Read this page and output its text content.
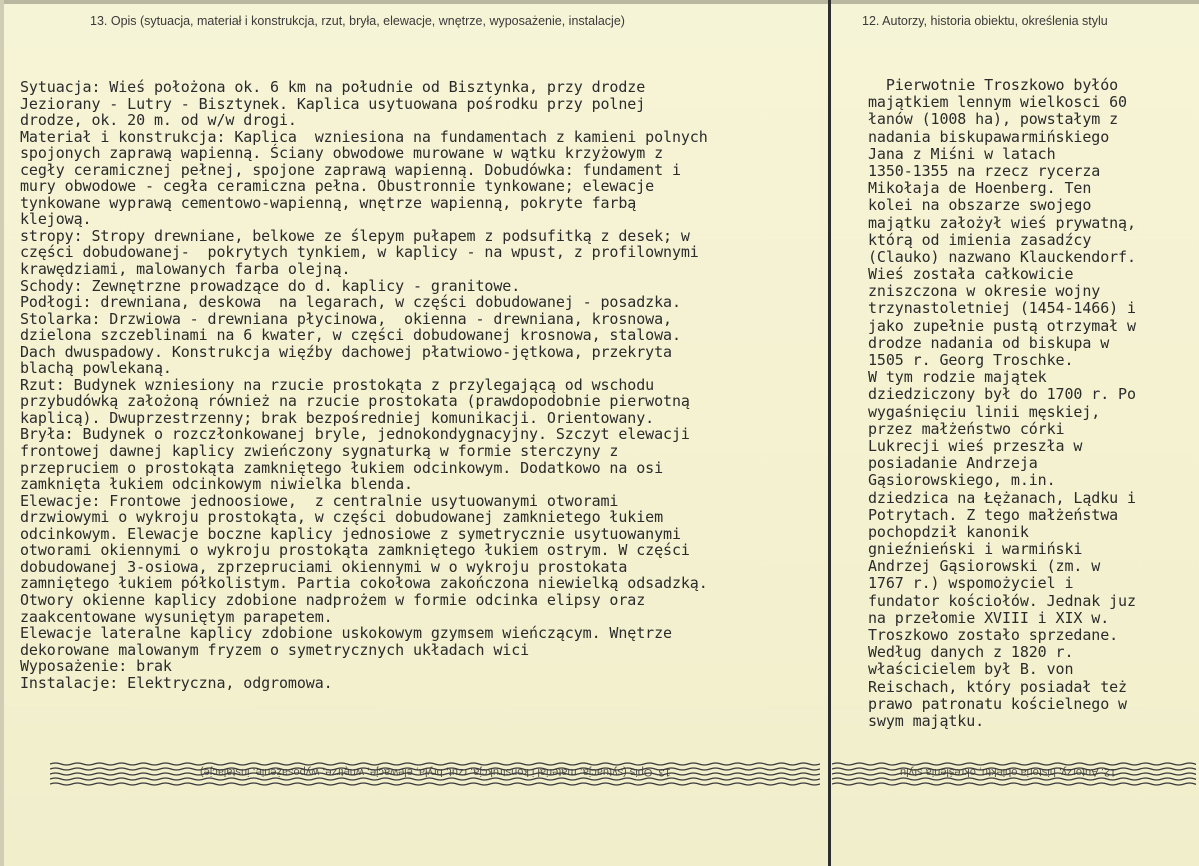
13. Opis (sytuacja, materiał i konstrukcja, rzut, bryła, elewacje, wnętrze, wyposażenie, instalacje)	12. Autorzy, historia obiektu, określenia stylu
Sytuacja: Wieś położona ok. 6 km na południe od Bisztynka, przy drodze
Jeziorany - Lutry - Bisztynek. Kaplica usytuowana pośrodku przy polnej
drodze, ok. 20 m. od w/w drogi.
Materiał i konstrukcja: Kaplica  wzniesiona na fundamentach z kamieni polnych
spojonych zaprawą wapienną. Ściany obwodowe murowane w wątku krzyżowym z
cegły ceramicznej pełnej, spojone zaprawą wapienną. Dobudówka: fundament i
mury obwodowe - cegła ceramiczna pełna. Obustronnie tynkowane; elewacje
tynkowane wyprawą cementowo-wapienną, wnętrze wapienną, pokryte farbą
klejową.
stropy: Stropy drewniane, belkowe ze ślepym pułapem z podsufitką z desek; w
części dobudowanej-  pokrytych tynkiem, w kaplicy - na wpust, z profilownymi
krawędziami, malowanych farba olejną.
Schody: Zewnętrzne prowadzące do d. kaplicy - granitowe.
Podłogi: drewniana, deskowa  na legarach, w części dobudowanej - posadzka.
Stolarka: Drzwiowa - drewniana płycinowa,  okienna - drewniana, krosnowa,
dzielona szczeblinami na 6 kwater, w części dobudowanej krosnowa, stalowa.
Dach dwuspadowy. Konstrukcja więźby dachowej płatwiowo-jętkowa, przekryta
blachą powlekaną.
Rzut: Budynek wzniesiony na rzucie prostokąta z przylegającą od wschodu
przybudówką założoną również na rzucie prostokata (prawdopodobnie pierwotną
kaplicą). Dwuprzestrzenny; brak bezpośredniej komunikacji. Orientowany.
Bryła: Budynek o rozczłonkowanej bryle, jednokondygnacyjny. Szczyt elewacji
frontowej dawnej kaplicy zwieńczony sygnaturką w formie sterczyny z
przeprucie​m o prostokąta zamkniętego łukiem odcinkowym. Dodatkowo na osi
zamknięta łukiem odcinkowym niwielka blenda.
Elewacje: Frontowe jednoosiowe,  z centralnie usytuowanymi otworami
drzwiowymi o wykroju prostokąta, w części dobudowanej zamknietego łukiem
odcinkowym. Elewacje boczne kaplicy jednosiowe z symetrycznie usytuowanymi
otworami okiennymi o wykroju prostokąta zamkniętego łukiem ostrym. W części
dobudowanej 3-osiowa, zprzepruciami okiennymi w o wykroju prostokata
zamniętego łukiem półkolistym. Partia cokołowa zakończona niewielką odsadzką.
Otwory okienne kaplicy zdobione nadprożem w formie odcinka elipsy oraz
zaakcentowane wysuniętym parapetem.
Elewacje lateralne kaplicy zdobione uskokowym gzymsem wieńczącym. Wnętrze
dekorowane malowanym fryzem o symetrycznych układach wici
Wyposażenie: brak
Instalacje: Elektryczna, odgromowa.
Pierwotnie Troszkowo byłóo
majątkiem lennym wielkosci 60
łanów (1008 ha), powstałym z
nadania biskupawarmińskiego
Jana z Miśni w latach
1350-1355 na rzecz rycerza
Mikołaja de Hoenberg. Ten
kolei na obszarze swojego
majątku założył wieś prywatną,
którą od imienia zasadźcy
(Clauko) nazwano Klauckendorf.
Wieś została całkowicie
zniszczona w okresie wojny
trzynastoletniej (1454-1466) i
jako zupełnie pustą otrzymał w
drodze nadania od biskupa w
1505 r. Georg Troschke.
W tym rodzie majątek
dziedziczony był do 1700 r. Po
wygaśnięciu linii męskiej,
przez małżeństwo córki
Lukrecji wieś przeszła w
posiadanie Andrzeja
Gąsiorowskiego, m.in.
dziedzica na Łężanach, Lądku i
Potrytach. Z tego małżeństwa
pochopdził kanonik
gnieźnieński i warmiński
Andrzej Gąsiorowski (zm. w
1767 r.) wspomożyciel i
fundator kościołów. Jednak juz
na przełomie XVIII i XIX w.
Troszkowo zostało sprzedane.
Według danych z 1820 r.
właścicielem był B. von
Reischach, który posiadał też
prawo patronatu kościelnego w
swym majątku.
13. Opis (sytuacja, materiał i konstrukcja, rzut, bryła, elewacje, wnętrze, wyposażenie, instalacje)	12. Autorzy, historia obiektu, określenia stylu
